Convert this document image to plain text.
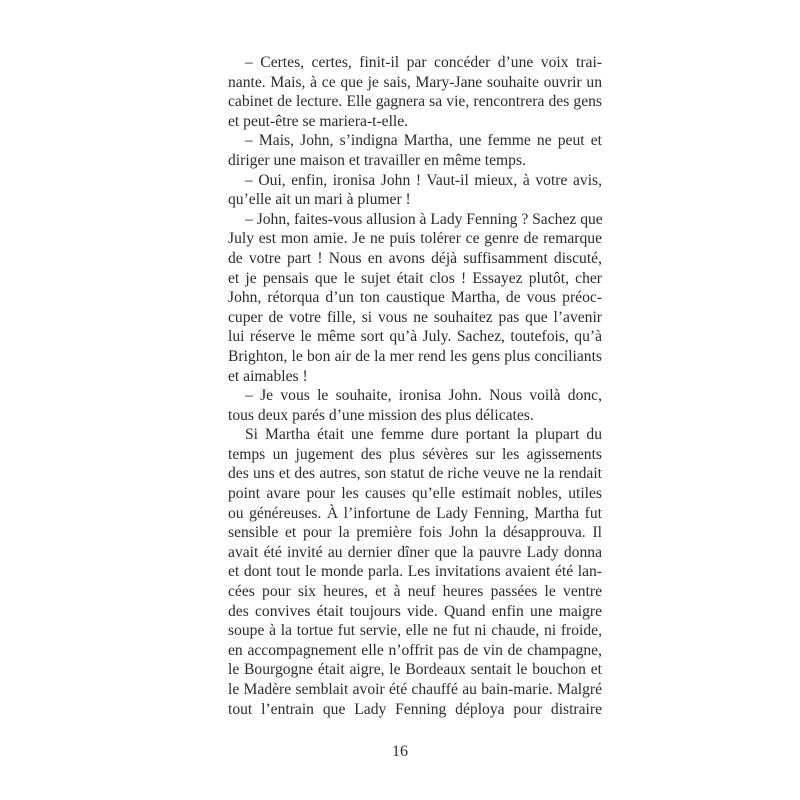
– Certes, certes, finit-il par concéder d’une voix trai-
nante. Mais, à ce que je sais, Mary-Jane souhaite ouvrir un
cabinet de lecture. Elle gagnera sa vie, rencontrera des gens
et peut-être se mariera-t-elle.
– Mais, John, s’indigna Martha, une femme ne peut et
diriger une maison et travailler en même temps.
– Oui, enfin, ironisa John ! Vaut-il mieux, à votre avis,
qu’elle ait un mari à plumer !
– John, faites-vous allusion à Lady Fenning ? Sachez que
July est mon amie. Je ne puis tolérer ce genre de remarque
de votre part ! Nous en avons déjà suffisamment discuté,
et je pensais que le sujet était clos ! Essayez plutôt, cher
John, rétorqua d’un ton caustique Martha, de vous préoc-
cuper de votre fille, si vous ne souhaitez pas que l’avenir
lui réserve le même sort qu’à July. Sachez, toutefois, qu’à
Brighton, le bon air de la mer rend les gens plus conciliants
et aimables !
– Je vous le souhaite, ironisa John. Nous voilà donc,
tous deux parés d’une mission des plus délicates.
Si Martha était une femme dure portant la plupart du
temps un jugement des plus sévères sur les agissements
des uns et des autres, son statut de riche veuve ne la rendait
point avare pour les causes qu’elle estimait nobles, utiles
ou généreuses. À l’infortune de Lady Fenning, Martha fut
sensible et pour la première fois John la désapprouva. Il
avait été invité au dernier dîner que la pauvre Lady donna
et dont tout le monde parla. Les invitations avaient été lan-
cées pour six heures, et à neuf heures passées le ventre
des convives était toujours vide. Quand enfin une maigre
soupe à la tortue fut servie, elle ne fut ni chaude, ni froide,
en accompagnement elle n’offrit pas de vin de champagne,
le Bourgogne était aigre, le Bordeaux sentait le bouchon et
le Madère semblait avoir été chauffé au bain-marie. Malgré
tout l’entrain que Lady Fenning déploya pour distraire
16
